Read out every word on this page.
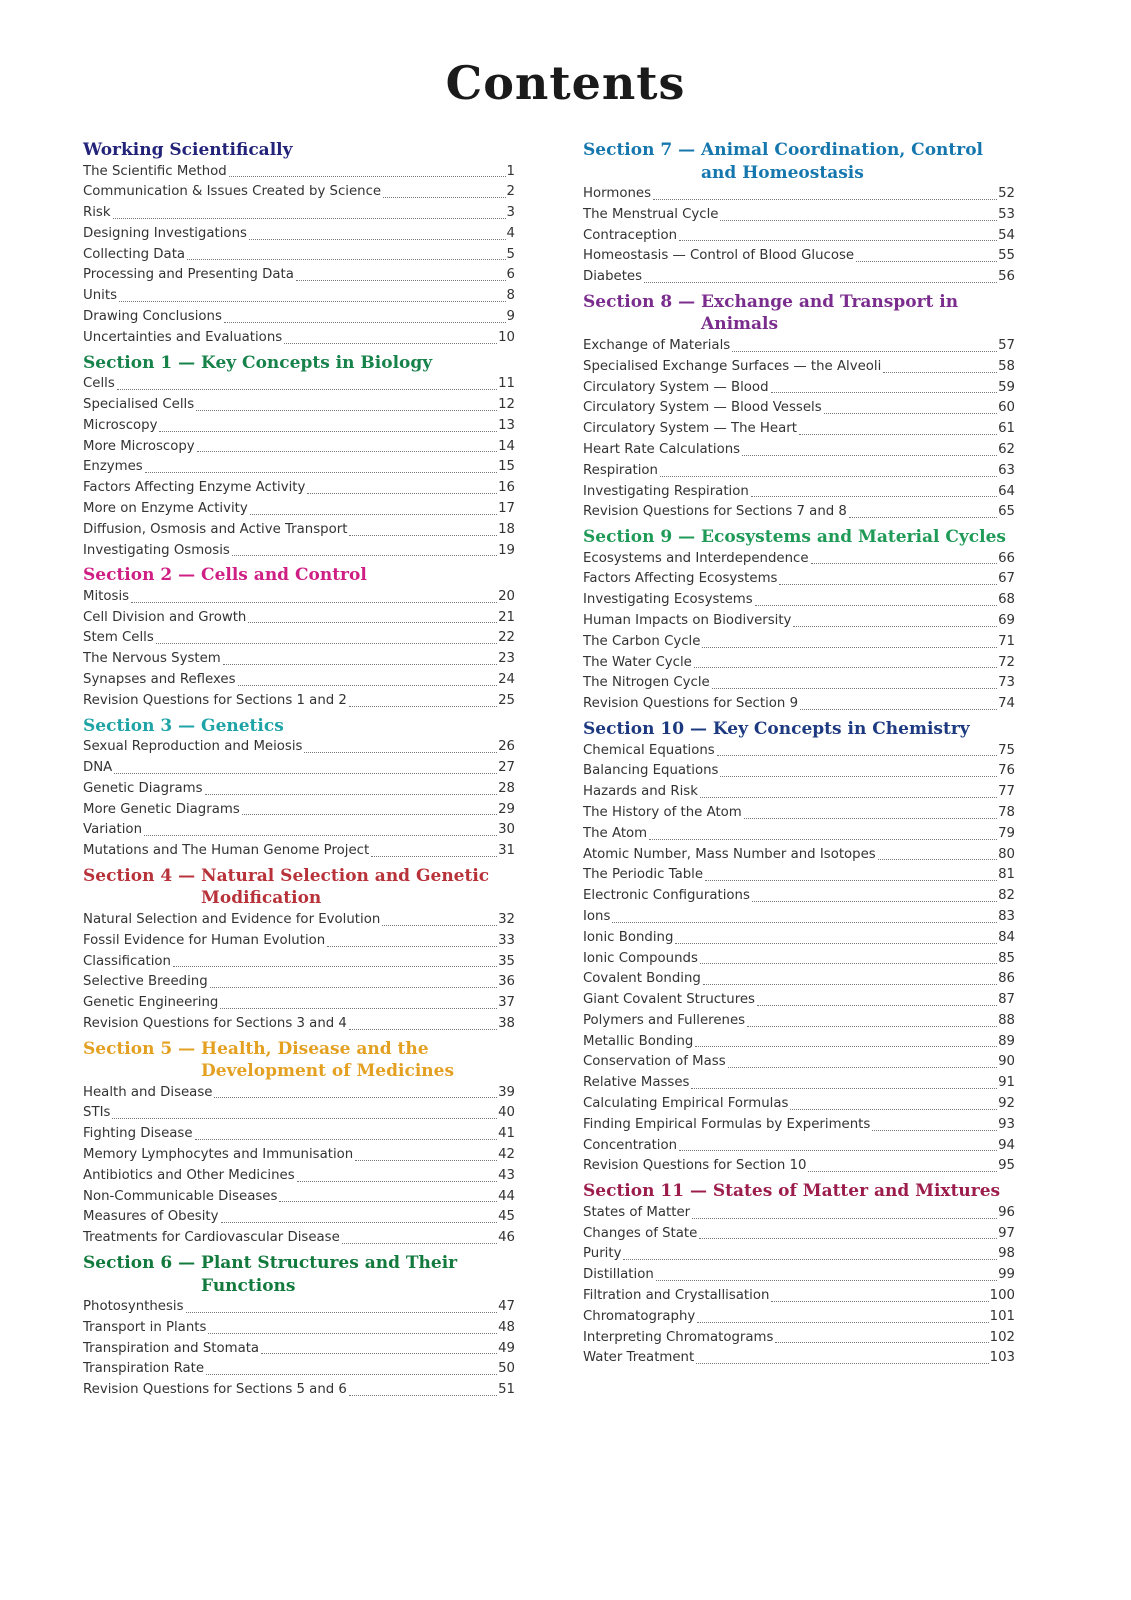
Contents
Working Scientifically
The Scientific Method	1
Communication & Issues Created by Science	2
Risk	3
Designing Investigations	4
Collecting Data	5
Processing and Presenting Data	6
Units	8
Drawing Conclusions	9
Uncertainties and Evaluations	10
Section 1 — Key Concepts in Biology
Cells	11
Specialised Cells	12
Microscopy	13
More Microscopy	14
Enzymes	15
Factors Affecting Enzyme Activity	16
More on Enzyme Activity	17
Diffusion, Osmosis and Active Transport	18
Investigating Osmosis	19
Section 2 — Cells and Control
Mitosis	20
Cell Division and Growth	21
Stem Cells	22
The Nervous System	23
Synapses and Reflexes	24
Revision Questions for Sections 1 and 2	25
Section 3 — Genetics
Sexual Reproduction and Meiosis	26
DNA	27
Genetic Diagrams	28
More Genetic Diagrams	29
Variation	30
Mutations and The Human Genome Project	31
Section 4 — Natural Selection and Genetic Modification
Natural Selection and Evidence for Evolution	32
Fossil Evidence for Human Evolution	33
Classification	35
Selective Breeding	36
Genetic Engineering	37
Revision Questions for Sections 3 and 4	38
Section 5 — Health, Disease and the Development of Medicines
Health and Disease	39
STIs	40
Fighting Disease	41
Memory Lymphocytes and Immunisation	42
Antibiotics and Other Medicines	43
Non-Communicable Diseases	44
Measures of Obesity	45
Treatments for Cardiovascular Disease	46
Section 6 — Plant Structures and Their Functions
Photosynthesis	47
Transport in Plants	48
Transpiration and Stomata	49
Transpiration Rate	50
Revision Questions for Sections 5 and 6	51
Section 7 — Animal Coordination, Control and Homeostasis
Hormones	52
The Menstrual Cycle	53
Contraception	54
Homeostasis — Control of Blood Glucose	55
Diabetes	56
Section 8 — Exchange and Transport in Animals
Exchange of Materials	57
Specialised Exchange Surfaces — the Alveoli	58
Circulatory System — Blood	59
Circulatory System — Blood Vessels	60
Circulatory System — The Heart	61
Heart Rate Calculations	62
Respiration	63
Investigating Respiration	64
Revision Questions for Sections 7 and 8	65
Section 9 — Ecosystems and Material Cycles
Ecosystems and Interdependence	66
Factors Affecting Ecosystems	67
Investigating Ecosystems	68
Human Impacts on Biodiversity	69
The Carbon Cycle	71
The Water Cycle	72
The Nitrogen Cycle	73
Revision Questions for Section 9	74
Section 10 — Key Concepts in Chemistry
Chemical Equations	75
Balancing Equations	76
Hazards and Risk	77
The History of the Atom	78
The Atom	79
Atomic Number, Mass Number and Isotopes	80
The Periodic Table	81
Electronic Configurations	82
Ions	83
Ionic Bonding	84
Ionic Compounds	85
Covalent Bonding	86
Giant Covalent Structures	87
Polymers and Fullerenes	88
Metallic Bonding	89
Conservation of Mass	90
Relative Masses	91
Calculating Empirical Formulas	92
Finding Empirical Formulas by Experiments	93
Concentration	94
Revision Questions for Section 10	95
Section 11 — States of Matter and Mixtures
States of Matter	96
Changes of State	97
Purity	98
Distillation	99
Filtration and Crystallisation	100
Chromatography	101
Interpreting Chromatograms	102
Water Treatment	103
